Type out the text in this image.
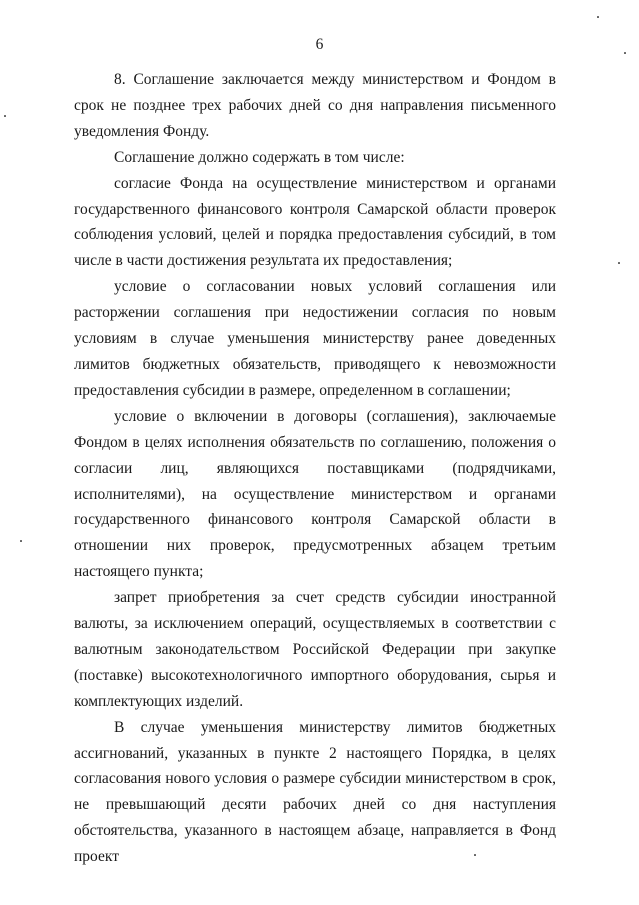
6

8. Соглашение заключается между министерством и Фондом в срок не позднее трех рабочих дней со дня направления письменного уведомления Фонду.

Соглашение должно содержать в том числе:

согласие Фонда на осуществление министерством и органами государственного финансового контроля Самарской области проверок соблюдения условий, целей и порядка предоставления субсидий, в том числе в части достижения результата их предоставления;

условие о согласовании новых условий соглашения или расторжении соглашения при недостижении согласия по новым условиям в случае уменьшения министерству ранее доведенных лимитов бюджетных обязательств, приводящего к невозможности предоставления субсидии в размере, определенном в соглашении;

условие о включении в договоры (соглашения), заключаемые Фондом в целях исполнения обязательств по соглашению, положения о согласии лиц, являющихся поставщиками (подрядчиками, исполнителями), на осуществление министерством и органами государственного финансового контроля Самарской области в отношении них проверок, предусмотренных абзацем третьим настоящего пункта;

запрет приобретения за счет средств субсидии иностранной валюты, за исключением операций, осуществляемых в соответствии с валютным законодательством Российской Федерации при закупке (поставке) высокотехнологичного импортного оборудования, сырья и комплектующих изделий.

В случае уменьшения министерству лимитов бюджетных ассигнований, указанных в пункте 2 настоящего Порядка, в целях согласования нового условия о размере субсидии министерством в срок, не превышающий десяти рабочих дней со дня наступления обстоятельства, указанного в настоящем абзаце, направляется в Фонд проект
